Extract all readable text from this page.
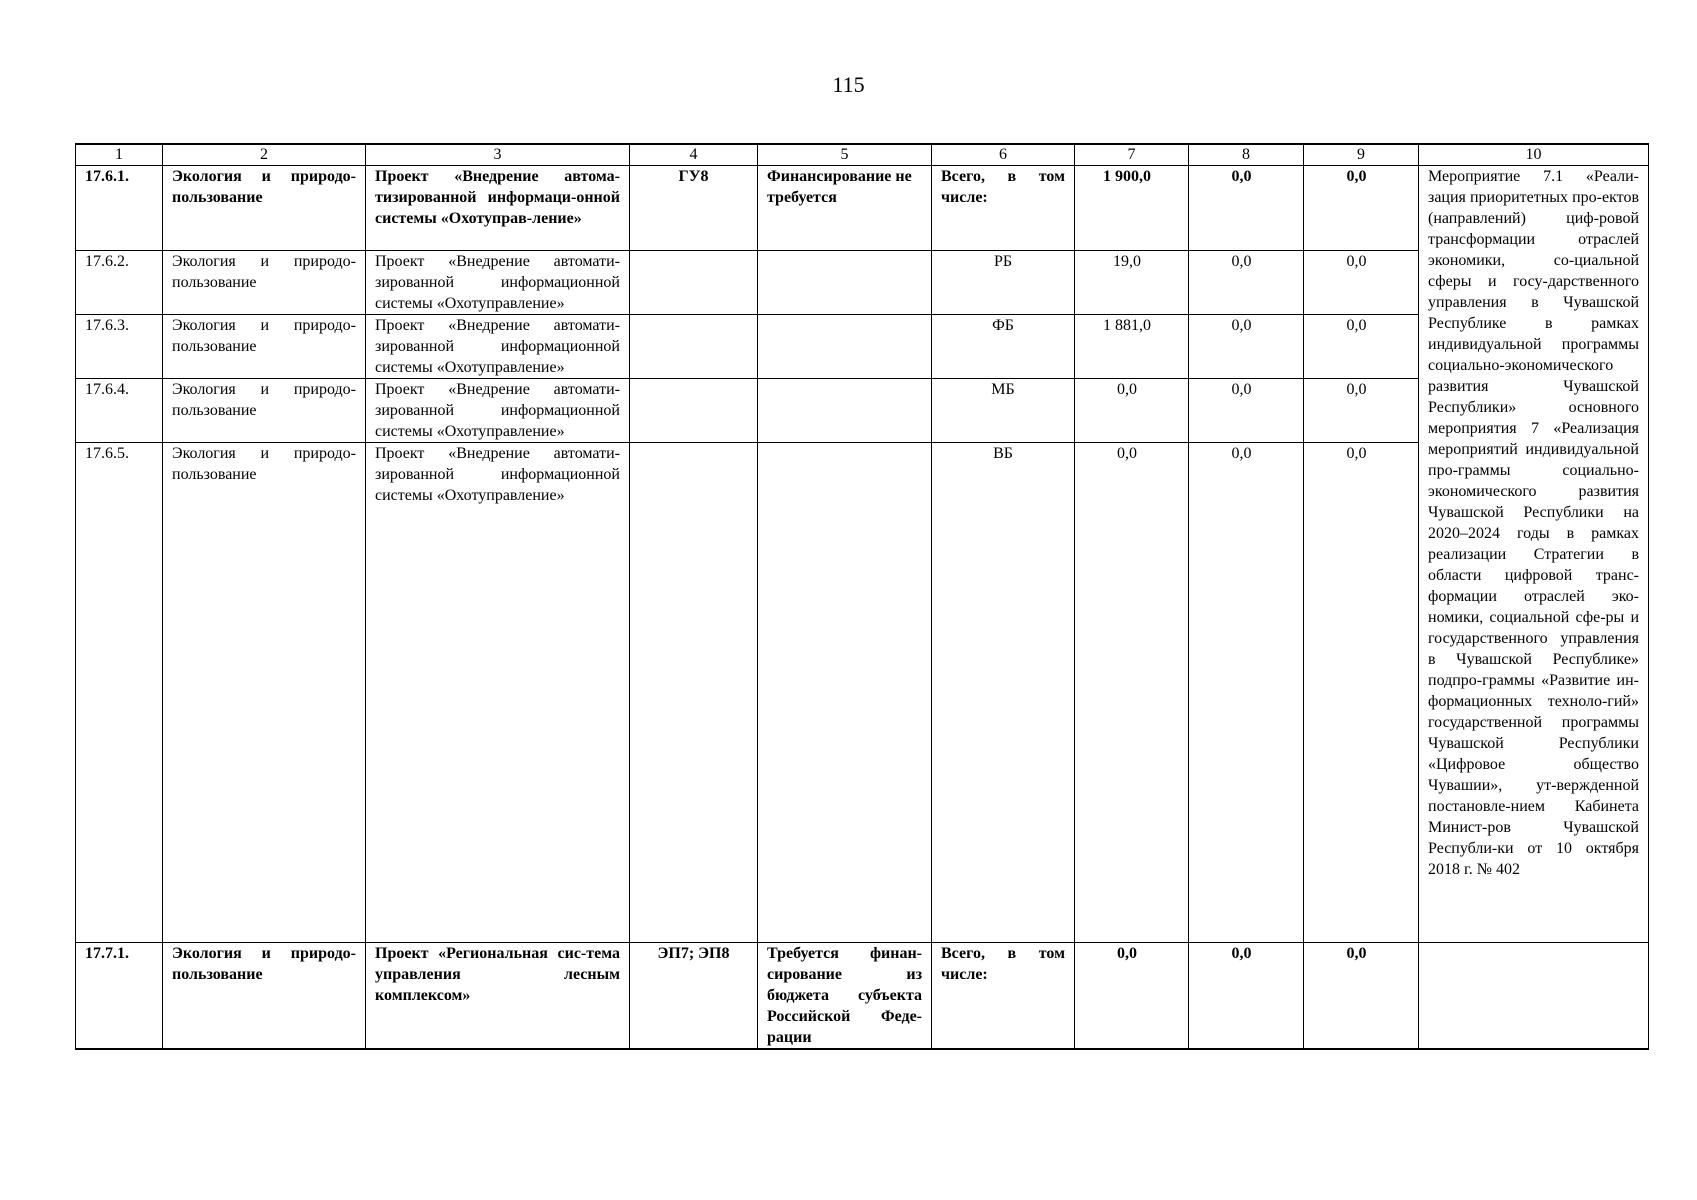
115
1	2	3	4	5	6	7	8	9	10
17.6.1.	Экология и природо-пользование	Проект «Внедрение автома-тизированной информаци-онной системы «Охотуправ-ление»	ГУ8	Финансирование не требуется	Всего, в том числе:	1 900,0	0,0	0,0	Мероприятие 7.1 «Реали-зация приоритетных про-ектов (направлений) циф-ровой трансформации отраслей экономики, со-циальной сферы и госу-дарственного управления в Чувашской Республике в рамках индивидуальной программы социально-экономического развития Чувашской Республики» основного мероприятия 7 «Реализация мероприятий индивидуальной про-граммы социально-экономического развития Чувашской Республики на 2020–2024 годы в рамках реализации Стратегии в области цифровой транс-формации отраслей эко-номики, социальной сфе-ры и государственного управления в Чувашской Республике» подпро-граммы «Развитие ин-формационных техноло-гий» государственной программы Чувашской Республики «Цифровое общество Чувашии», ут-вержденной постановле-нием Кабинета Минист-ров Чувашской Республи-ки от 10 октября 2018 г. № 402
17.6.2.	Экология и природо-пользование	Проект «Внедрение автомати-зированной информационной системы «Охотуправление»			РБ	19,0	0,0	0,0	
17.6.3.	Экология и природо-пользование	Проект «Внедрение автомати-зированной информационной системы «Охотуправление»			ФБ	1 881,0	0,0	0,0	
17.6.4.	Экология и природо-пользование	Проект «Внедрение автомати-зированной информационной системы «Охотуправление»			МБ	0,0	0,0	0,0	
17.6.5.	Экология и природо-пользование	Проект «Внедрение автомати-зированной информационной системы «Охотуправление»			ВБ	0,0	0,0	0,0	
17.7.1.	Экология и природо-пользование	Проект «Региональная сис-тема управления лесным комплексом»	ЭП7; ЭП8	Требуется финан-сирование из бюджета субъекта Российской Феде-рации	Всего, в том числе:	0,0	0,0	0,0	
